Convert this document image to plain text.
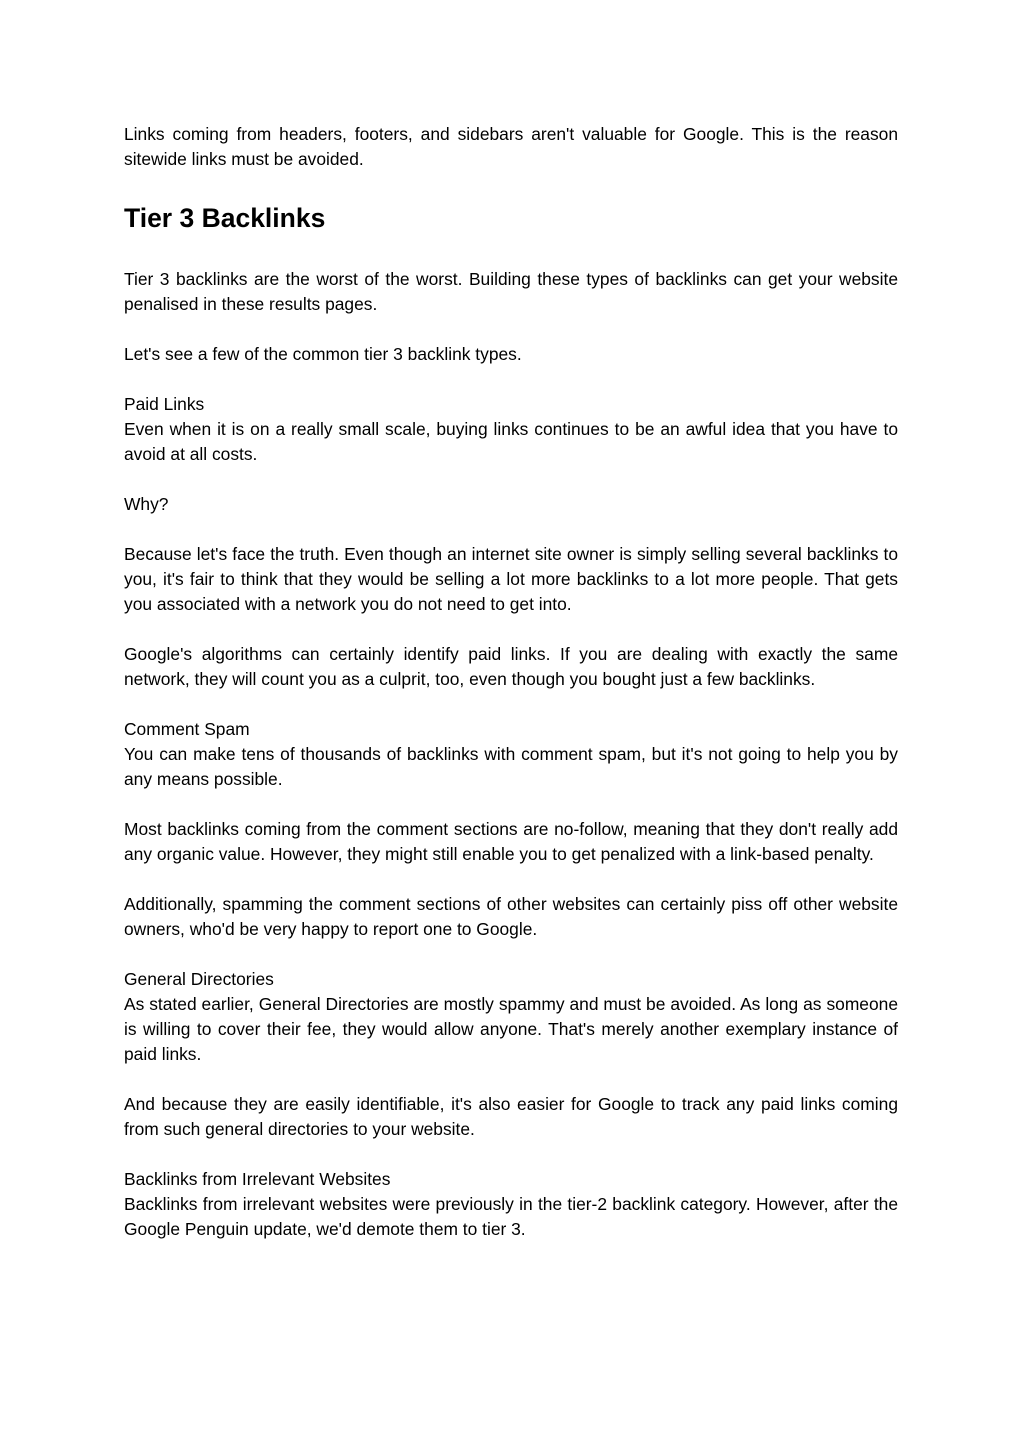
Links coming from headers, footers, and sidebars aren't valuable for Google. This is the reason sitewide links must be avoided.

Tier 3 Backlinks

Tier 3 backlinks are the worst of the worst. Building these types of backlinks can get your website penalised in these results pages.

Let's see a few of the common tier 3 backlink types.

Paid Links

Even when it is on a really small scale, buying links continues to be an awful idea that you have to avoid at all costs.

Why?

Because let's face the truth. Even though an internet site owner is simply selling several backlinks to you, it's fair to think that they would be selling a lot more backlinks to a lot more people. That gets you associated with a network you do not need to get into.

Google's algorithms can certainly identify paid links. If you are dealing with exactly the same network, they will count you as a culprit, too, even though you bought just a few backlinks.

Comment Spam

You can make tens of thousands of backlinks with comment spam, but it's not going to help you by any means possible.

Most backlinks coming from the comment sections are no-follow, meaning that they don't really add any organic value. However, they might still enable you to get penalized with a link-based penalty.

Additionally, spamming the comment sections of other websites can certainly piss off other website owners, who'd be very happy to report one to Google.

General Directories

As stated earlier, General Directories are mostly spammy and must be avoided. As long as someone is willing to cover their fee, they would allow anyone. That's merely another exemplary instance of paid links.

And because they are easily identifiable, it's also easier for Google to track any paid links coming from such general directories to your website.

Backlinks from Irrelevant Websites

Backlinks from irrelevant websites were previously in the tier-2 backlink category. However, after the Google Penguin update, we'd demote them to tier 3.
